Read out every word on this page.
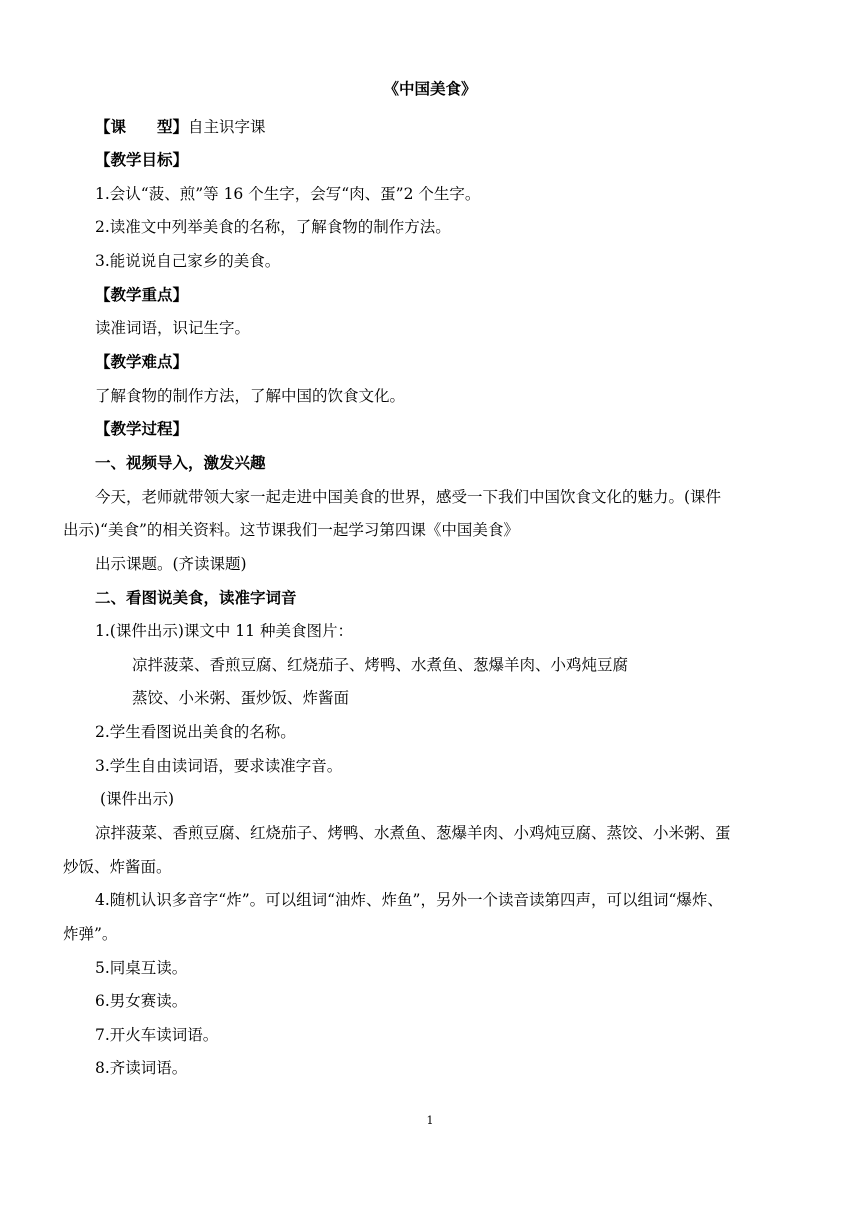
《中国美食》
【课　　型】自主识字课
【教学目标】
1.会认“菠、煎”等 16 个生字，会写“肉、蛋”2 个生字。
2.读准文中列举美食的名称，了解食物的制作方法。
3.能说说自己家乡的美食。
【教学重点】
读准词语，识记生字。
【教学难点】
了解食物的制作方法，了解中国的饮食文化。
【教学过程】
一、视频导入，激发兴趣
今天，老师就带领大家一起走进中国美食的世界，感受一下我们中国饮食文化的魅力。(课件
出示)“美食”的相关资料。这节课我们一起学习第四课《中国美食》
出示课题。(齐读课题)
二、看图说美食，读准字词音
1.(课件出示)课文中 11 种美食图片：
凉拌菠菜、香煎豆腐、红烧茄子、烤鸭、水煮鱼、葱爆羊肉、小鸡炖豆腐
蒸饺、小米粥、蛋炒饭、炸酱面
2.学生看图说出美食的名称。
3.学生自由读词语，要求读准字音。
(课件出示)
凉拌菠菜、香煎豆腐、红烧茄子、烤鸭、水煮鱼、葱爆羊肉、小鸡炖豆腐、蒸饺、小米粥、蛋
炒饭、炸酱面。
4.随机认识多音字“炸”。可以组词“油炸、炸鱼”，另外一个读音读第四声，可以组词“爆炸、
炸弹”。
5.同桌互读。
6.男女赛读。
7.开火车读词语。
8.齐读词语。
1
